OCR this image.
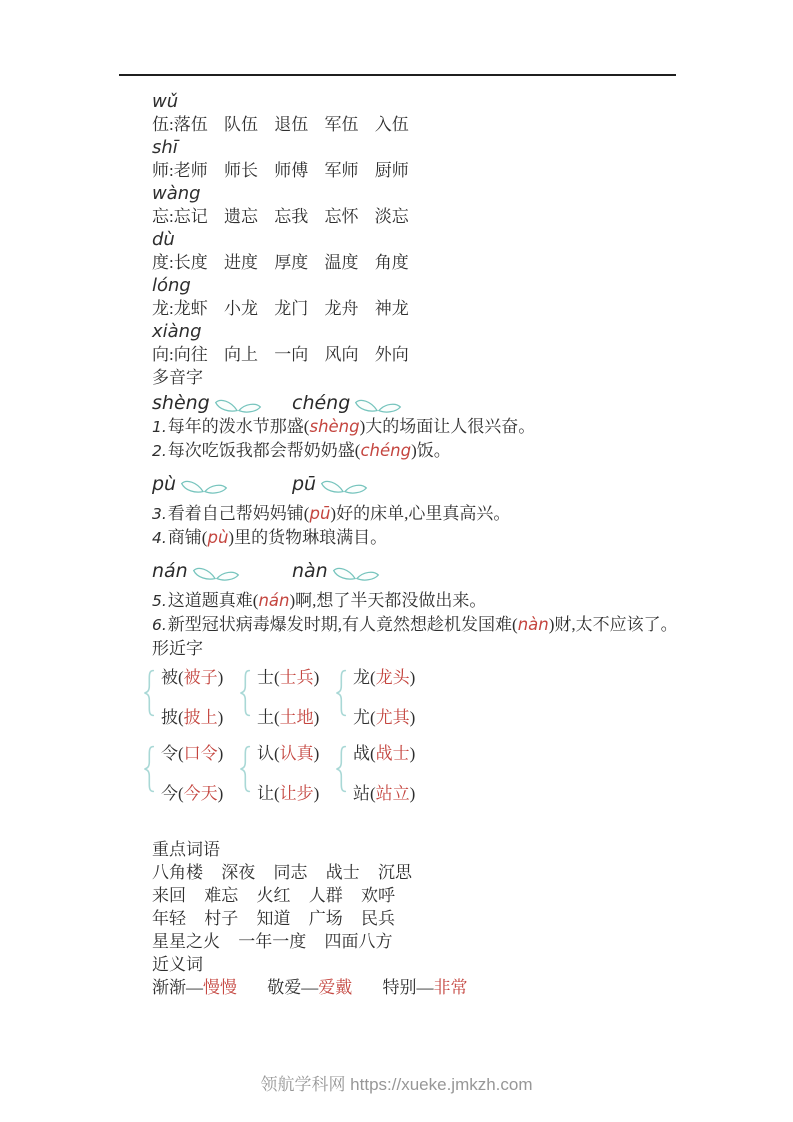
wǔ
伍:落伍 队伍 退伍 军伍 入伍
shī
师:老师 师长 师傅 军师 厨师
wàng
忘:忘记 遗忘 忘我 忘怀 淡忘
dù
度:长度 进度 厚度 温度 角度
lóng
龙:龙虾 小龙 龙门 龙舟 神龙
xiàng
向:向往 向上 一向 风向 外向
多音字
shèng	chéng
1.每年的泼水节那盛(shèng)大的场面让人很兴奋。
2.每次吃饭我都会帮奶奶盛(chéng)饭。
pù	pū
3.看着自己帮妈妈铺(pū)好的床单,心里真高兴。
4.商铺(pù)里的货物琳琅满目。
nán	nàn
5.这道题真难(nán)啊,想了半天都没做出来。
6.新型冠状病毒爆发时期,有人竟然想趁机发国难(nàn)财,太不应该了。
形近字
被(被子)
披(披上)
士(士兵)
土(土地)
龙(龙头)
尤(尤其)
令(口令)
今(今天)
认(认真)
让(让步)
战(战士)
站(站立)
重点词语
八角楼 深夜 同志 战士 沉思
来回 难忘 火红 人群 欢呼
年轻 村子 知道 广场 民兵
星星之火 一年一度 四面八方
近义词
渐渐—慢慢 敬爱—爱戴 特别—非常
领航学科网 https://xueke.jmkzh.com
